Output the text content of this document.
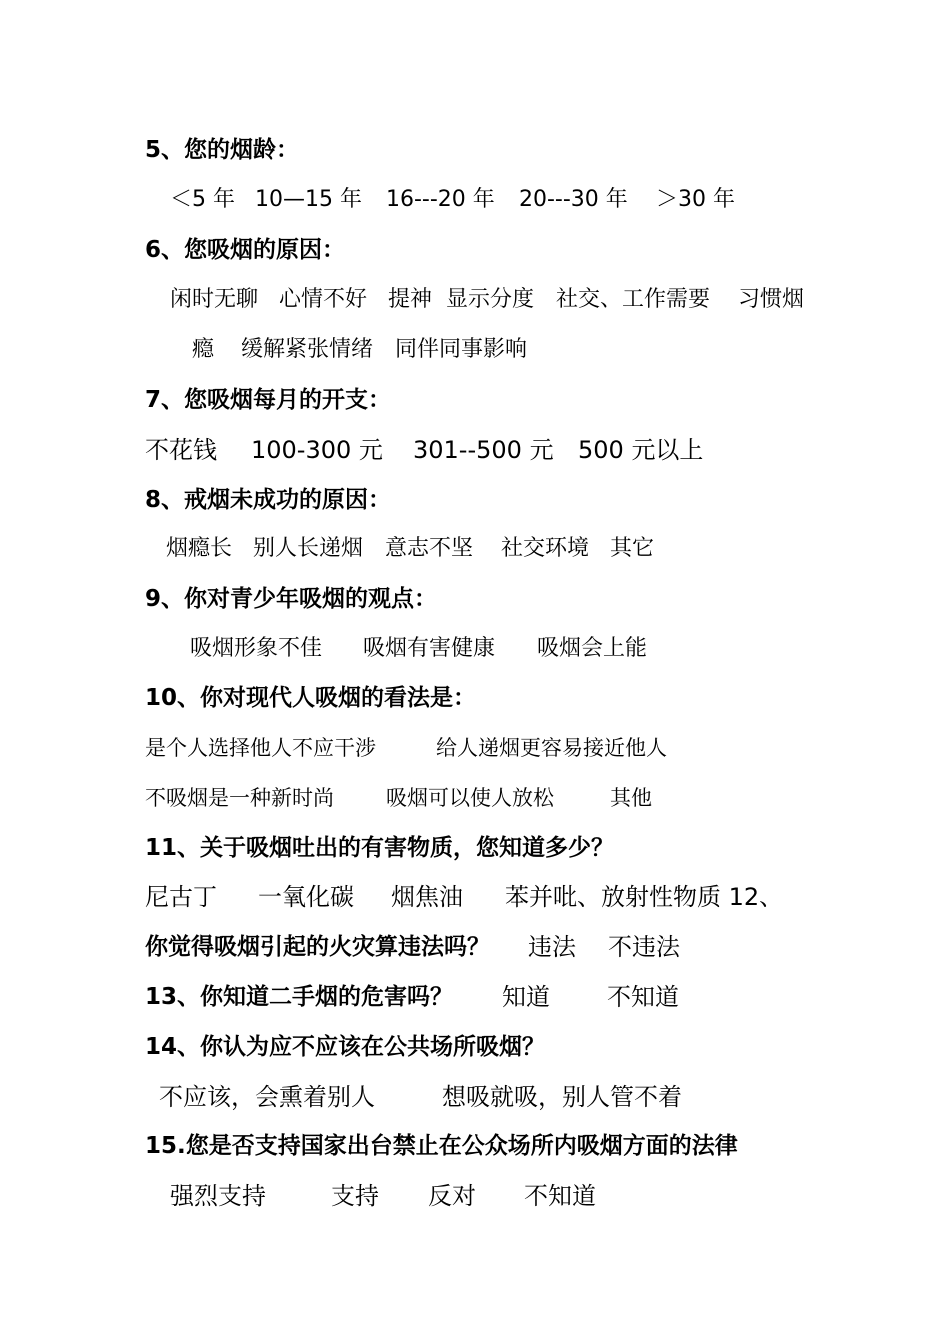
5、您的烟龄：
＜5 年 10—15 年 16---20 年 20---30 年 ＞30 年
6、您吸烟的原因：
闲时无聊 心情不好 提神 显示分度 社交、工作需要 习惯烟
瘾 缓解紧张情绪 同伴同事影响
7、您吸烟每月的开支：
不花钱 100-300 元 301--500 元 500 元以上
8、戒烟未成功的原因：
烟瘾长 别人长递烟 意志不坚 社交环境 其它
9、你对青少年吸烟的观点：
吸烟形象不佳 吸烟有害健康 吸烟会上能
10、你对现代人吸烟的看法是：
是个人选择他人不应干涉	给人递烟更容易接近他人
不吸烟是一种新时尚 吸烟可以使人放松	其他
11、关于吸烟吐出的有害物质，您知道多少？
尼古丁 一氧化碳 烟焦油 苯并吡、放射性物质 12、
你觉得吸烟引起的火灾算违法吗？ 违法 不违法
13、你知道二手烟的危害吗？ 知道 不知道
14、你认为应不应该在公共场所吸烟？
不应该，会熏着别人	想吸就吸，别人管不着
15.您是否支持国家出台禁止在公众场所内吸烟方面的法律
强烈支持	支持 反对 不知道
